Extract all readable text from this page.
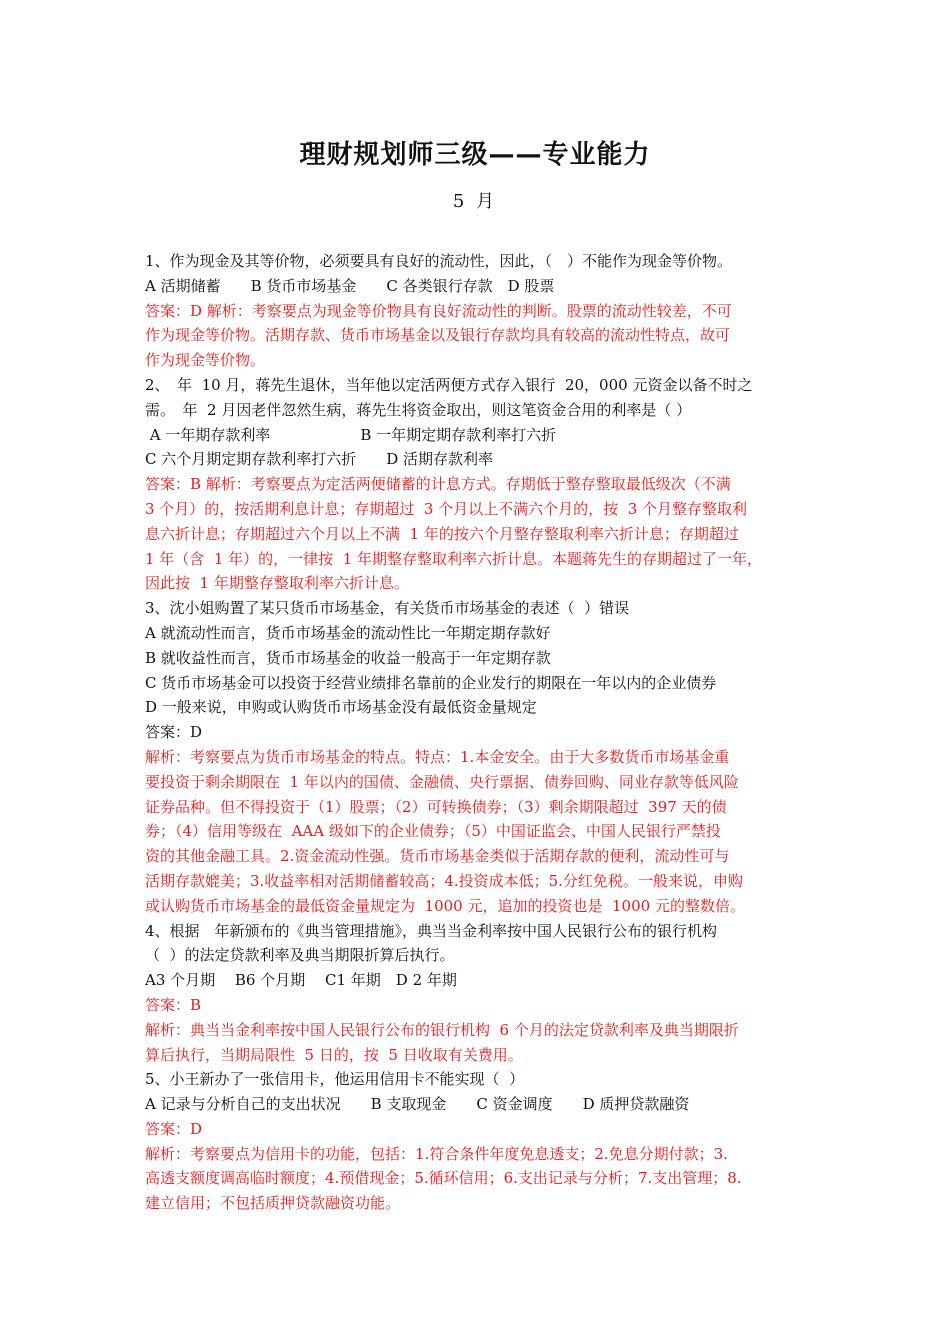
理财规划师三级——专业能力
5 月
1、作为现金及其等价物，必须要具有良好的流动性，因此，（　）不能作为现金等价物。
A 活期储蓄　　B 货币市场基金　　C 各类银行存款　D 股票
答案：D 解析：考察要点为现金等价物具有良好流动性的判断。股票的流动性较差，不可
作为现金等价物。活期存款、货币市场基金以及银行存款均具有较高的流动性特点，故可
作为现金等价物。
2、　年  10 月，蒋先生退休，当年他以定活两便方式存入银行  20，000 元资金以备不时之
需。　年  2 月因老伴忽然生病，蒋先生将资金取出，则这笔资金合用的利率是（ ）
A 一年期存款利率　　　　　　B 一年期定期存款利率打六折
C 六个月期定期存款利率打六折　　D 活期存款利率
答案：B 解析：考察要点为定活两便储蓄的计息方式。存期低于整存整取最低级次（不满
3 个月）的，按活期利息计息；存期超过  3 个月以上不满六个月的，按  3 个月整存整取利
息六折计息；存期超过六个月以上不满  1 年的按六个月整存整取利率六折计息；存期超过
1 年（含  1 年）的，一律按  1 年期整存整取利率六折计息。本题蒋先生的存期超过了一年，
因此按  1 年期整存整取利率六折计息。
3、沈小姐购置了某只货币市场基金，有关货币市场基金的表述（  ）错误
A 就流动性而言，货币市场基金的流动性比一年期定期存款好
B 就收益性而言，货币市场基金的收益一般高于一年定期存款
C 货币市场基金可以投资于经营业绩排名靠前的企业发行的期限在一年以内的企业债券
D 一般来说，申购或认购货币市场基金没有最低资金量规定
答案：D
解析：考察要点为货币市场基金的特点。特点：1.本金安全。由于大多数货币市场基金重
要投资于剩余期限在  1 年以内的国债、金融债、央行票据、债券回购、同业存款等低风险
证券品种。但不得投资于（1）股票；（2）可转换债券；（3）剩余期限超过  397 天的债
券；（4）信用等级在  AAA 级如下的企业债券；（5）中国证监会、中国人民银行严禁投
资的其他金融工具。2.资金流动性强。货币市场基金类似于活期存款的便利，流动性可与
活期存款媲美；3.收益率相对活期储蓄较高；4.投资成本低；5.分红免税。一般来说，申购
或认购货币市场基金的最低资金量规定为  1000 元，追加的投资也是  1000 元的整数倍。
4、根据　年新颁布的《典当管理措施》，典当当金利率按中国人民银行公布的银行机构
（  ）的法定贷款利率及典当期限折算后执行。
A3 个月期　 B6 个月期　 C1 年期　D 2 年期
答案：B
解析：典当当金利率按中国人民银行公布的银行机构  6 个月的法定贷款利率及典当期限折
算后执行，当期局限性  5 日的，按  5 日收取有关费用。
5、小王新办了一张信用卡，他运用信用卡不能实现（  ）
A 记录与分析自己的支出状况　　B 支取现金　　C 资金调度　　D 质押贷款融资
答案：D
解析：考察要点为信用卡的功能，包括：1.符合条件年度免息透支；2.免息分期付款；3.
高透支额度调高临时额度；4.预借现金；5.循环信用；6.支出记录与分析；7.支出管理；8.
建立信用；不包括质押贷款融资功能。
